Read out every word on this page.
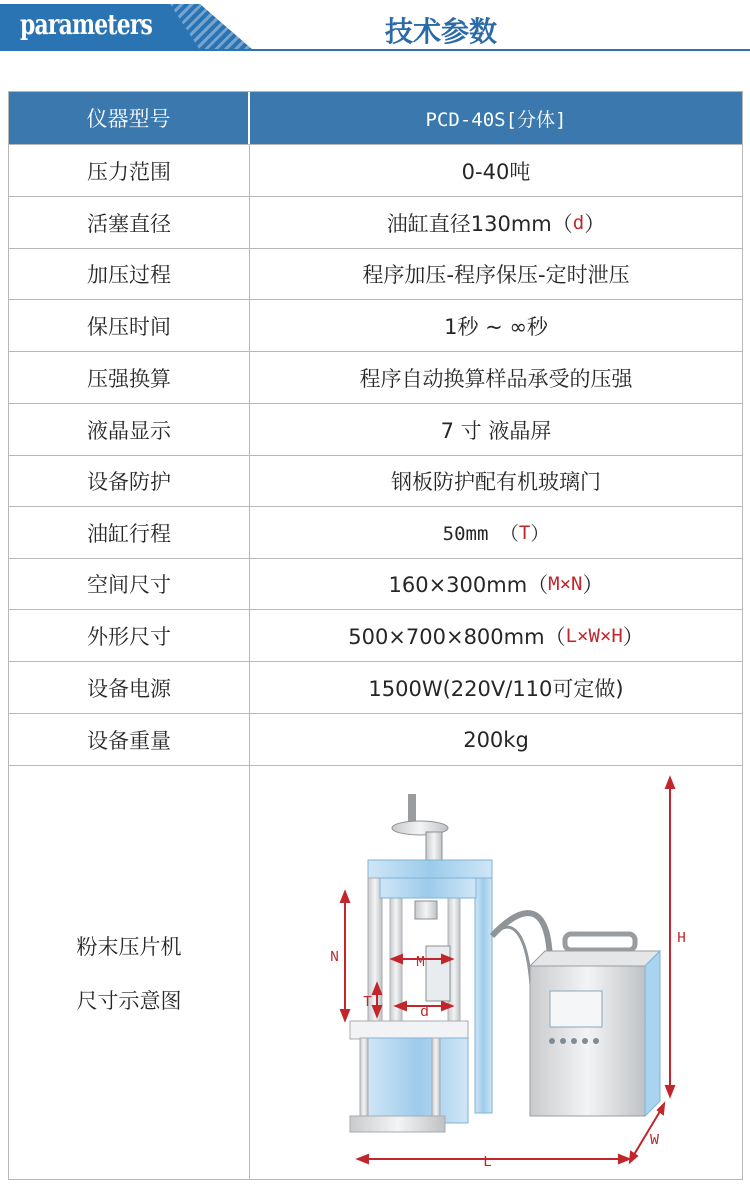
parameters	技术参数
仪器型号	PCD-40S[分体]
压力范围	0-40吨
活塞直径	油缸直径130mm（ d ）
加压过程	程序加压-程序保压-定时泄压
保压时间	1秒 ~ ∞秒
压强换算	程序自动换算样品承受的压强
液晶显示	7 寸 液晶屏
设备防护	钢板防护配有机玻璃门
油缸行程	50mm （ T ）
空间尺寸	160×300mm（ M×N ）
外形尺寸	500×700×800mm（ L×W×H ）
设备电源	1500W(220V/110可定做)
设备重量	200kg
粉末压片机
尺寸示意图
H
N	M
T
d
L
W
